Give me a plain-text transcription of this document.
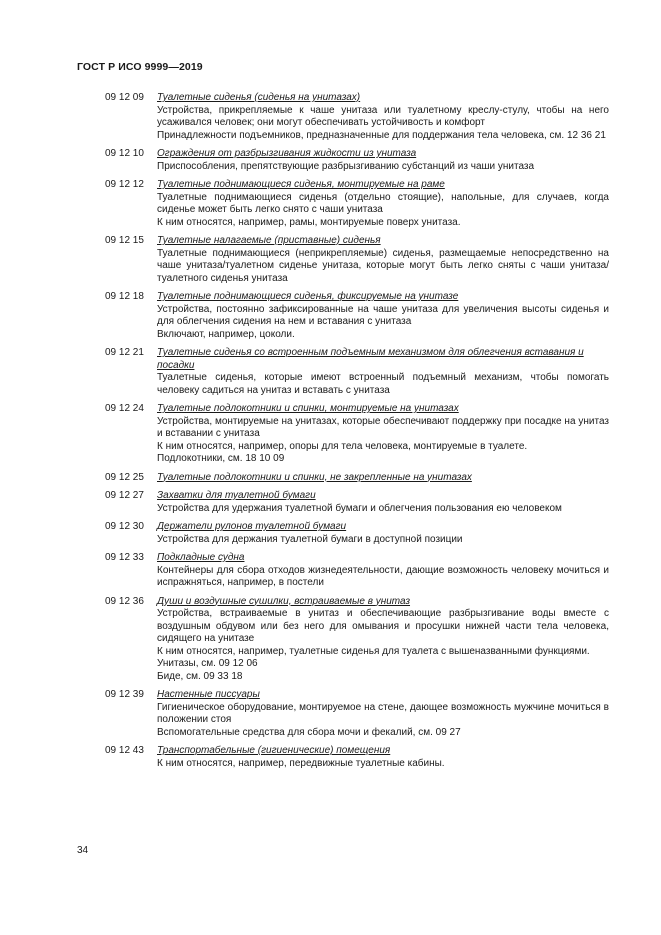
ГОСТ Р ИСО 9999—2019
09 12 09 Туалетные сиденья (сиденья на унитазах)
Устройства, прикрепляемые к чаше унитаза или туалетному креслу-стулу, чтобы на него усаживался человек; они могут обеспечивать устойчивость и комфорт
Принадлежности подъемников, предназначенные для поддержания тела человека, см. 12 36 21
09 12 10 Ограждения от разбрызгивания жидкости из унитаза
Приспособления, препятствующие разбрызгиванию субстанций из чаши унитаза
09 12 12 Туалетные поднимающиеся сиденья, монтируемые на раме
Туалетные поднимающиеся сиденья (отдельно стоящие), напольные, для случаев, когда сиденье может быть легко снято с чаши унитаза
К ним относятся, например, рамы, монтируемые поверх унитаза.
09 12 15 Туалетные налагаемые (приставные) сиденья
Туалетные поднимающиеся (неприкрепляемые) сиденья, размещаемые непосредственно на чаше унитаза/туалетном сиденье унитаза, которые могут быть легко сняты с чаши унитаза/туалетного сиденья унитаза
09 12 18 Туалетные поднимающиеся сиденья, фиксируемые на унитазе
Устройства, постоянно зафиксированные на чаше унитаза для увеличения высоты сиденья и для облегчения сидения на нем и вставания с унитаза
Включают, например, цоколи.
09 12 21 Туалетные сиденья со встроенным подъемным механизмом для облегчения вставания и посадки
Туалетные сиденья, которые имеют встроенный подъемный механизм, чтобы помогать человеку садиться на унитаз и вставать с унитаза
09 12 24 Туалетные подлокотники и спинки, монтируемые на унитазах
Устройства, монтируемые на унитазах, которые обеспечивают поддержку при посадке на унитаз и вставании с унитаза
К ним относятся, например, опоры для тела человека, монтируемые в туалете.
Подлокотники, см. 18 10 09
09 12 25 Туалетные подлокотники и спинки, не закрепленные на унитазах
09 12 27 Захватки для туалетной бумаги
Устройства для удержания туалетной бумаги и облегчения пользования ею человеком
09 12 30 Держатели рулонов туалетной бумаги
Устройства для держания туалетной бумаги в доступной позиции
09 12 33 Подкладные судна
Контейнеры для сбора отходов жизнедеятельности, дающие возможность человеку мочиться и испражняться, например, в постели
09 12 36 Души и воздушные сушилки, встраиваемые в унитаз
Устройства, встраиваемые в унитаз и обеспечивающие разбрызгивание воды вместе с воздушным обдувом или без него для омывания и просушки нижней части тела человека, сидящего на унитазе
К ним относятся, например, туалетные сиденья для туалета с вышеназванными функциями.
Унитазы, см. 09 12 06
Биде, см. 09 33 18
09 12 39 Настенные писсуары
Гигиеническое оборудование, монтируемое на стене, дающее возможность мужчине мочиться в положении стоя
Вспомогательные средства для сбора мочи и фекалий, см. 09 27
09 12 43 Транспортабельные (гигиенические) помещения
К ним относятся, например, передвижные туалетные кабины.
34
